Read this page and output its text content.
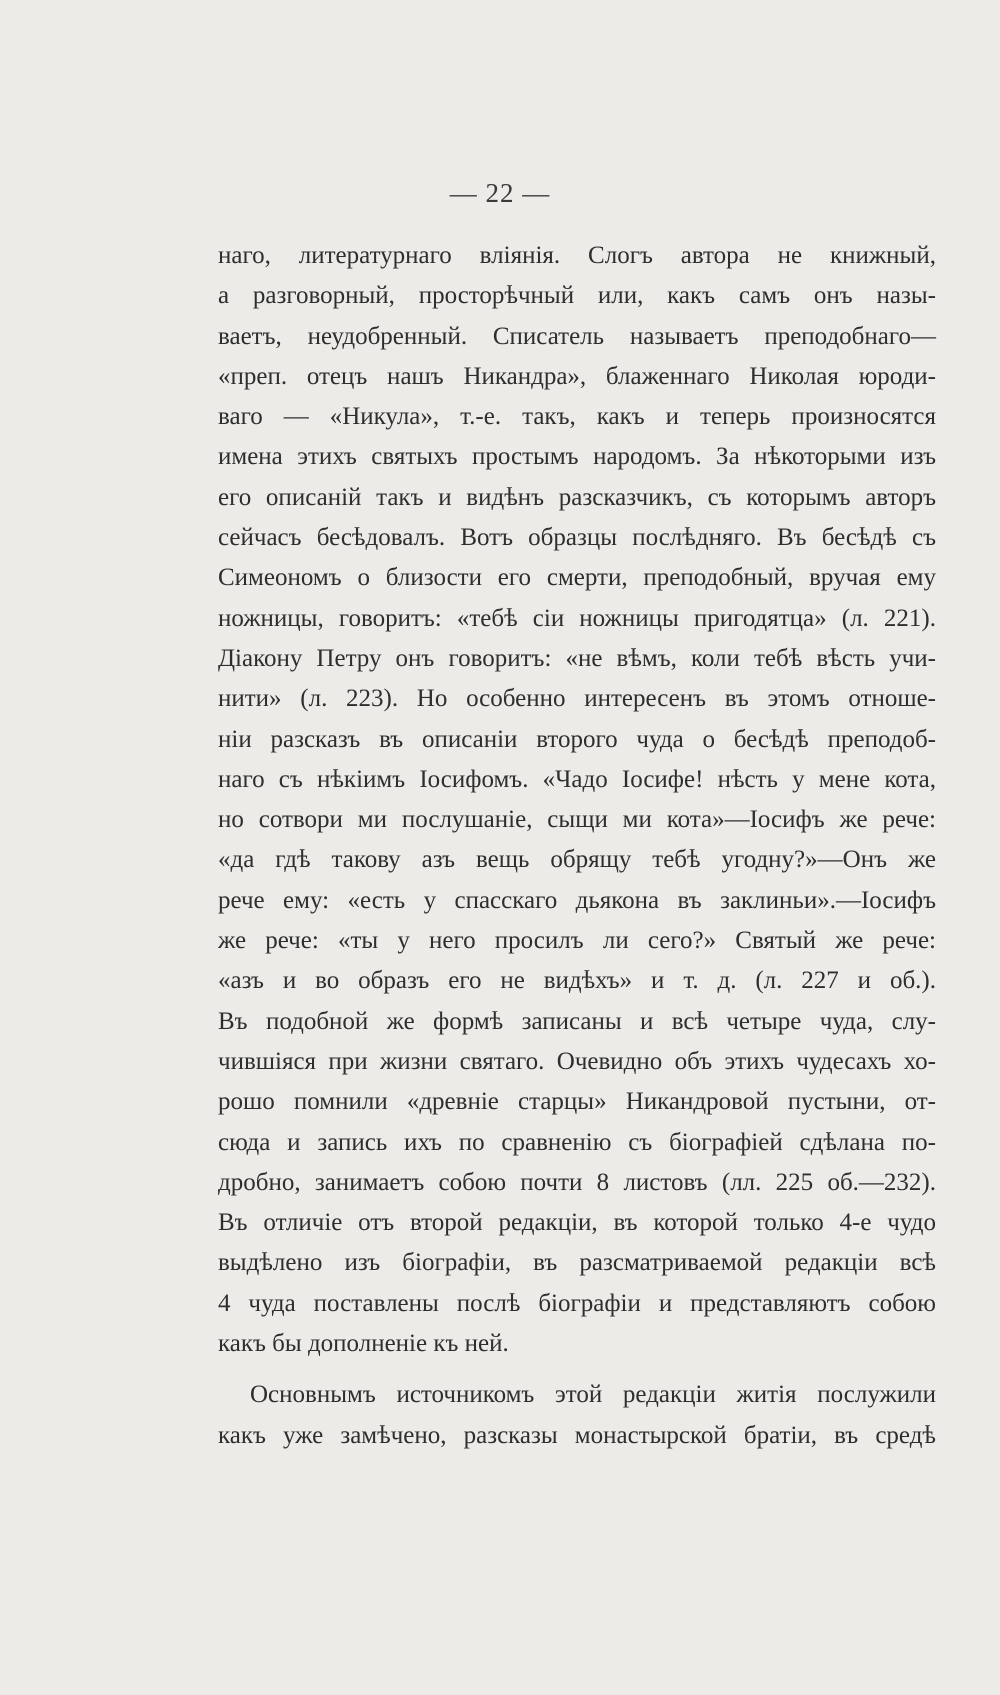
— 22 —
наго, литературнаго вліянія. Слогъ автора не книжный,
а разговорный, просторѣчный или, какъ самъ онъ назы-
ваетъ, неудобренный. Списатель называетъ преподобнаго—
«преп. отецъ нашъ Никандра», блаженнаго Николая юроди-
ваго — «Никула», т.-е. такъ, какъ и теперь произносятся
имена этихъ святыхъ простымъ народомъ. За нѣкоторыми изъ
его описаній такъ и видѣнъ разсказчикъ, съ которымъ авторъ
сейчасъ бесѣдовалъ. Вотъ образцы послѣдняго. Въ бесѣдѣ съ
Симеономъ о близости его смерти, преподобный, вручая ему
ножницы, говоритъ: «тебѣ сіи ножницы пригодятца» (л. 221).
Діакону Петру онъ говоритъ: «не вѣмъ, коли тебѣ вѣсть учи-
нити» (л. 223). Но особенно интересенъ въ этомъ отноше-
ніи разсказъ въ описаніи второго чуда о бесѣдѣ преподоб-
наго съ нѣкіимъ Іосифомъ. «Чадо Іосифе! нѣсть у мене кота,
но сотвори ми послушаніе, сыщи ми кота»—Іосифъ же рече:
«да гдѣ такову азъ вещь обрящу тебѣ угодну?»—Онъ же
рече ему: «есть у спасскаго дьякона въ заклиньи».—Іосифъ
же рече: «ты у него просилъ ли сего?» Святый же рече:
«азъ и во образъ его не видѣхъ» и т. д. (л. 227 и об.).
Въ подобной же формѣ записаны и всѣ четыре чуда, слу-
чившіяся при жизни святаго. Очевидно объ этихъ чудесахъ хо-
рошо помнили «древніе старцы» Никандровой пустыни, от-
сюда и запись ихъ по сравненію съ біографіей сдѣлана по-
дробно, занимаетъ собою почти 8 листовъ (лл. 225 об.—232).
Въ отличіе отъ второй редакціи, въ которой только 4-е чудо
выдѣлено изъ біографіи, въ разсматриваемой редакціи всѣ
4 чуда поставлены послѣ біографіи и представляютъ собою
какъ бы дополненіе къ ней.
Основнымъ источникомъ этой редакціи житія послужили
какъ уже замѣчено, разсказы монастырской братіи, въ средѣ
